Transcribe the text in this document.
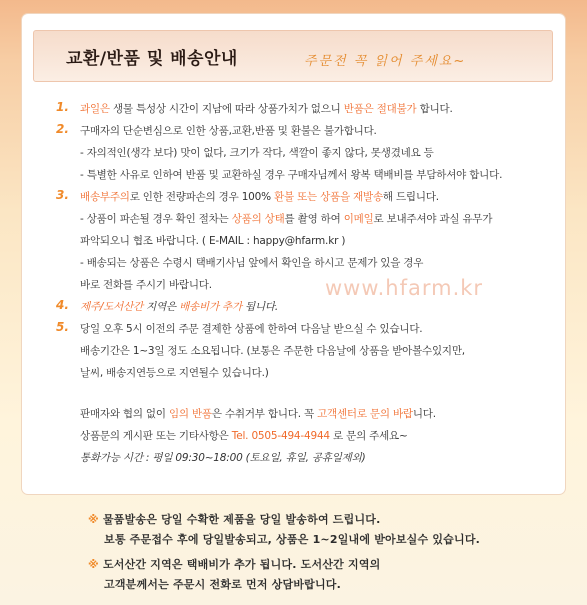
교환/반품 및 배송안내	주문전 꼭 읽어 주세요~
1. 과일은 생물 특성상 시간이 지남에 따라 상품가치가 없으니 반품은 절대불가 합니다.
2. 구매자의 단순변심으로 인한 상품,교환,반품 및 환불은 불가합니다.
- 자의적인(생각 보다) 맛이 없다, 크기가 작다, 색깔이 좋지 않다, 못생겼네요 등
- 특별한 사유로 인하여 반품 및 교환하실 경우 구매자님께서 왕복 택배비를 부담하셔야 합니다.
3. 배송부주의로 인한 전량파손의 경우 100% 환불 또는 상품을 재발송해 드립니다.
- 상품이 파손될 경우 확인 절차는 상품의 상태를 촬영 하여 이메일로 보내주셔야 과실 유무가
파악되오니 협조 바랍니다. ( E-MAIL : happy@hfarm.kr )
- 배송되는 상품은 수령시 택배기사님 앞에서 확인을 하시고 문제가 있을 경우
바로 전화를 주시기 바랍니다.
4. 제주/도서산간 지역은 배송비가 추가 됩니다.
5. 당일 오후 5시 이전의 주문 결제한 상품에 한하여 다음날 받으실 수 있습니다.
배송기간은 1~3일 정도 소요됩니다. (보통은 주문한 다음날에 상품을 받아볼수있지만,
날씨, 배송지연등으로 지연될수 있습니다.)
판매자와 협의 없이 임의 반품은 수취거부 합니다. 꼭 고객센터로 문의 바랍니다.
상품문의 게시판 또는 기타사항은 Tel. 0505-494-4944 로 문의 주세요~
통화가능 시간 : 평일 09:30~18:00 (토요일, 휴일, 공휴일제외)
www.hfarm.kr
※ 물품발송은 당일 수확한 제품을 당일 발송하여 드립니다.
보통 주문접수 후에 당일발송되고, 상품은 1~2일내에 받아보실수 있습니다.
※ 도서산간 지역은 택배비가 추가 됩니다. 도서산간 지역의
고객분께서는 주문시 전화로 먼저 상담바랍니다.
